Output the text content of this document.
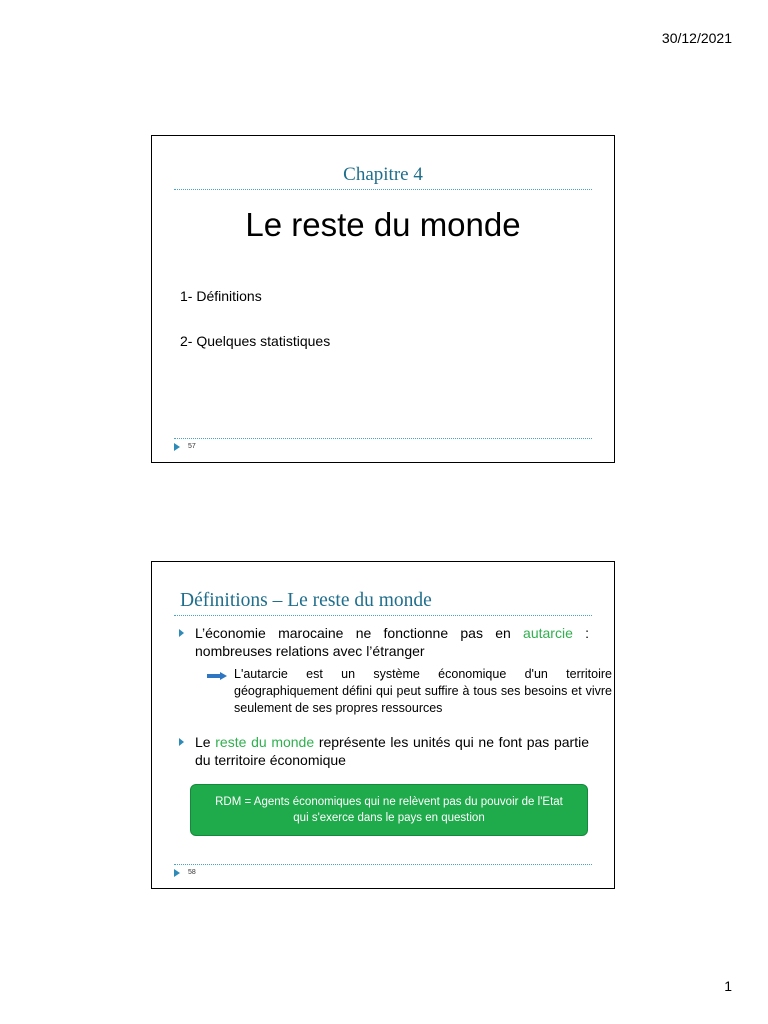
30/12/2021
Chapitre 4
Le reste du monde
1- Définitions
2- Quelques statistiques
57
Définitions – Le reste du monde
L’économie marocaine ne fonctionne pas en autarcie : nombreuses relations avec l’étranger
L'autarcie est un système économique d'un territoire géographiquement défini qui peut suffire à tous ses besoins et vivre seulement de ses propres ressources
Le reste du monde représente les unités qui ne font pas partie du territoire économique
RDM = Agents économiques qui ne relèvent pas du pouvoir de l'Etat qui s'exerce dans le pays en question
58
1
